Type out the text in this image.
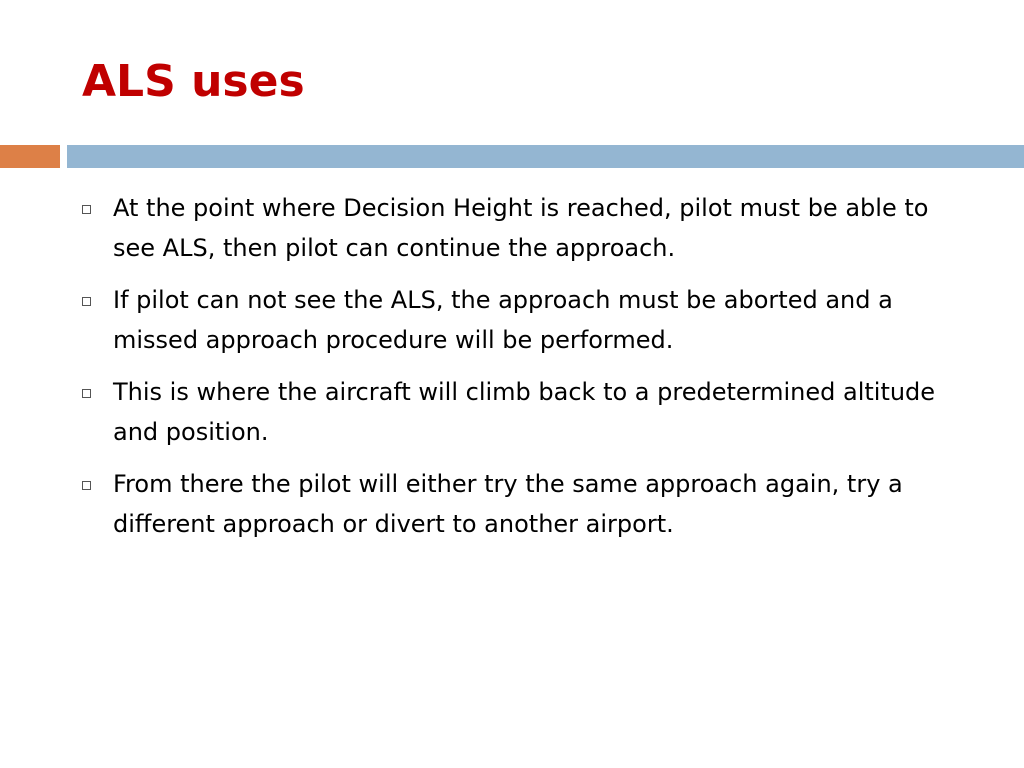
ALS uses
At the point where Decision Height is reached, pilot must be able to see ALS, then pilot can continue the approach.
If pilot can not see the ALS, the approach must be aborted and a missed approach procedure will be performed.
This is where the aircraft will climb back to a predetermined altitude and position.
From there the pilot will either try the same approach again, try a different approach or divert to another airport.
